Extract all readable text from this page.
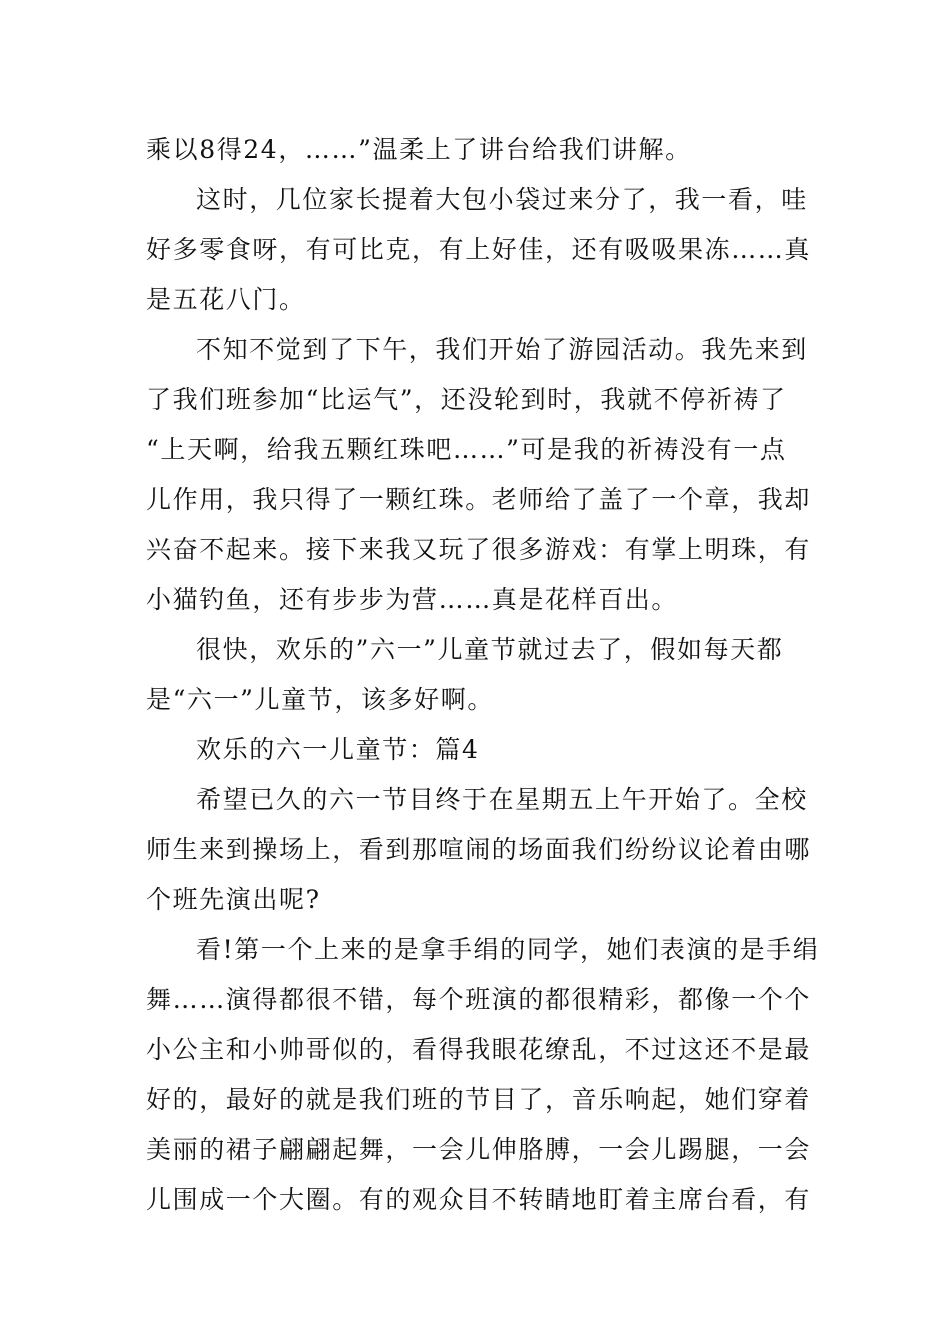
乘以8得24，……”温柔上了讲台给我们讲解。
这时，几位家长提着大包小袋过来分了，我一看，哇
好多零食呀，有可比克，有上好佳，还有吸吸果冻……真
是五花八门。
不知不觉到了下午，我们开始了游园活动。我先来到
了我们班参加“比运气”，还没轮到时，我就不停祈祷了
“上天啊，给我五颗红珠吧……”可是我的祈祷没有一点
儿作用，我只得了一颗红珠。老师给了盖了一个章，我却
兴奋不起来。接下来我又玩了很多游戏：有掌上明珠，有
小猫钓鱼，还有步步为营……真是花样百出。
很快，欢乐的”六一”儿童节就过去了，假如每天都
是“六一”儿童节，该多好啊。
欢乐的六一儿童节：篇4
希望已久的六一节目终于在星期五上午开始了。全校
师生来到操场上，看到那喧闹的场面我们纷纷议论着由哪
个班先演出呢?
看!第一个上来的是拿手绢的同学，她们表演的是手绢
舞……演得都很不错，每个班演的都很精彩，都像一个个
小公主和小帅哥似的，看得我眼花缭乱，不过这还不是最
好的，最好的就是我们班的节目了，音乐响起，她们穿着
美丽的裙子翩翩起舞，一会儿伸胳膊，一会儿踢腿，一会
儿围成一个大圈。有的观众目不转睛地盯着主席台看，有
